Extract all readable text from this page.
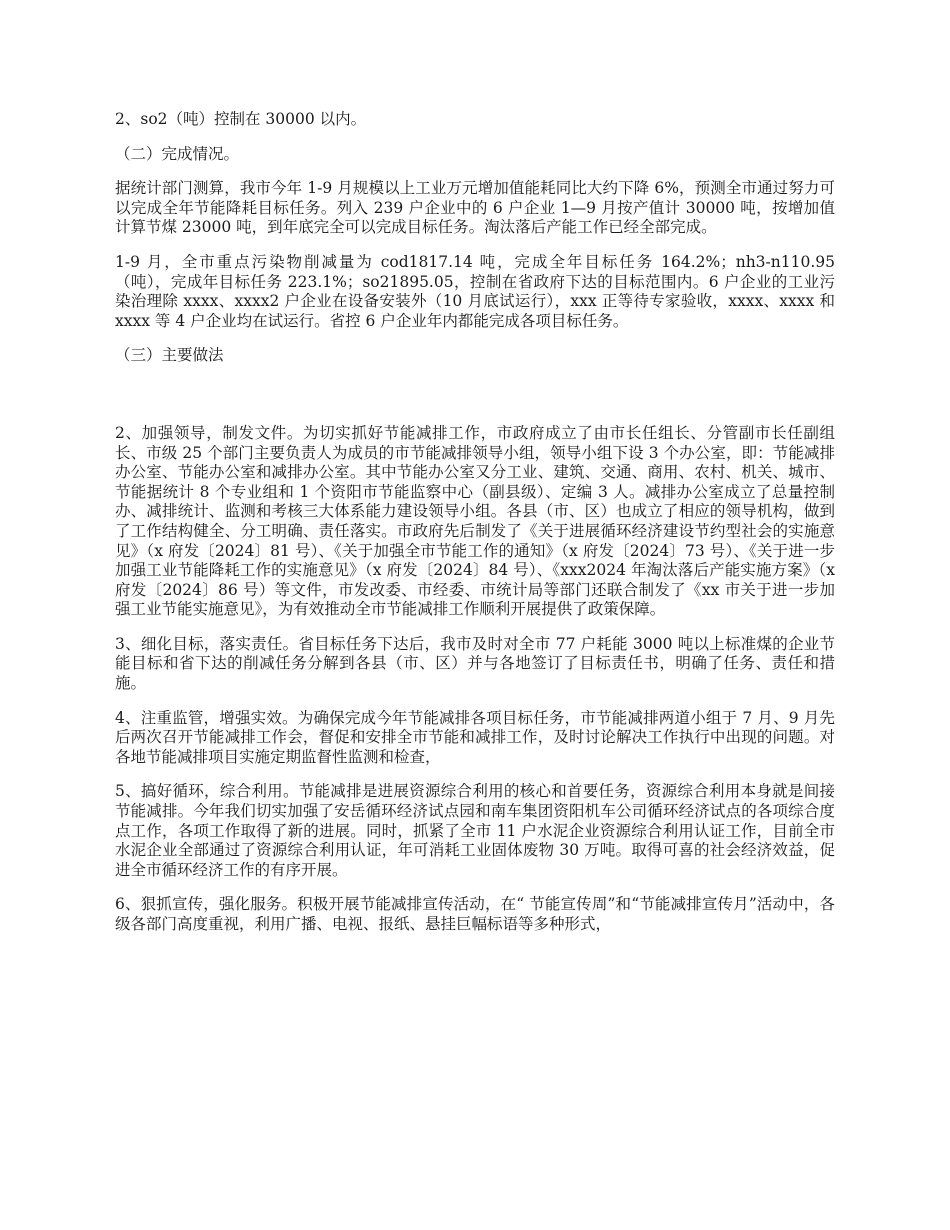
2、so2（吨）控制在 30000 以内。

（二）完成情况。

据统计部门测算，我市今年 1-9 月规模以上工业万元增加值能耗同比大约下降 6%，预测全市通过努力可以完成全年节能降耗目标任务。列入 239 户企业中的 6 户企业 1—9 月按产值计 30000 吨，按增加值计算节煤 23000 吨，到年底完全可以完成目标任务。淘汰落后产能工作已经全部完成。

1-9 月，全市重点污染物削减量为 cod1817.14 吨，完成全年目标任务 164.2%；nh3-n110.95（吨），完成年目标任务 223.1%；so21895.05，控制在省政府下达的目标范围内。6 户企业的工业污染治理除 xxxx、xxxx2 户企业在设备安装外（10 月底试运行），xxx 正等待专家验收，xxxx、xxxx 和 xxxx 等 4 户企业均在试运行。省控 6 户企业年内都能完成各项目标任务。

（三）主要做法

2、加强领导，制发文件。为切实抓好节能减排工作，市政府成立了由市长任组长、分管副市长任副组长、市级 25 个部门主要负责人为成员的市节能减排领导小组，领导小组下设 3 个办公室，即：节能减排办公室、节能办公室和减排办公室。其中节能办公室又分工业、建筑、交通、商用、农村、机关、城市、节能据统计 8 个专业组和 1 个资阳市节能监察中心（副县级）、定编 3 人。减排办公室成立了总量控制办、减排统计、监测和考核三大体系能力建设领导小组。各县（市、区）也成立了相应的领导机构，做到了工作结构健全、分工明确、责任落实。市政府先后制发了《关于进展循环经济建设节约型社会的实施意见》（x 府发〔2024〕81 号）、《关于加强全市节能工作的通知》（x 府发〔2024〕73 号）、《关于进一步加强工业节能降耗工作的实施意见》（x 府发〔2024〕84 号）、《xxx2024 年淘汰落后产能实施方案》（x 府发〔2024〕86 号）等文件，市发改委、市经委、市统计局等部门还联合制发了《xx 市关于进一步加强工业节能实施意见》，为有效推动全市节能减排工作顺利开展提供了政策保障。

3、细化目标，落实责任。省目标任务下达后，我市及时对全市 77 户耗能 3000 吨以上标准煤的企业节能目标和省下达的削减任务分解到各县（市、区）并与各地签订了目标责任书，明确了任务、责任和措施。

4、注重监管，增强实效。为确保完成今年节能减排各项目标任务，市节能减排两道小组于 7 月、9 月先后两次召开节能减排工作会，督促和安排全市节能和减排工作，及时讨论解决工作执行中出现的问题。对各地节能减排项目实施定期监督性监测和检查，

5、搞好循环，综合利用。节能减排是进展资源综合利用的核心和首要任务，资源综合利用本身就是间接节能减排。今年我们切实加强了安岳循环经济试点园和南车集团资阳机车公司循环经济试点的各项综合度点工作，各项工作取得了新的进展。同时，抓紧了全市 11 户水泥企业资源综合利用认证工作，目前全市水泥企业全部通过了资源综合利用认证，年可消耗工业固体废物 30 万吨。取得可喜的社会经济效益，促进全市循环经济工作的有序开展。

6、狠抓宣传，强化服务。积极开展节能减排宣传活动，在“ 节能宣传周”和“节能减排宣传月”活动中，各级各部门高度重视，利用广播、电视、报纸、悬挂巨幅标语等多种形式，
